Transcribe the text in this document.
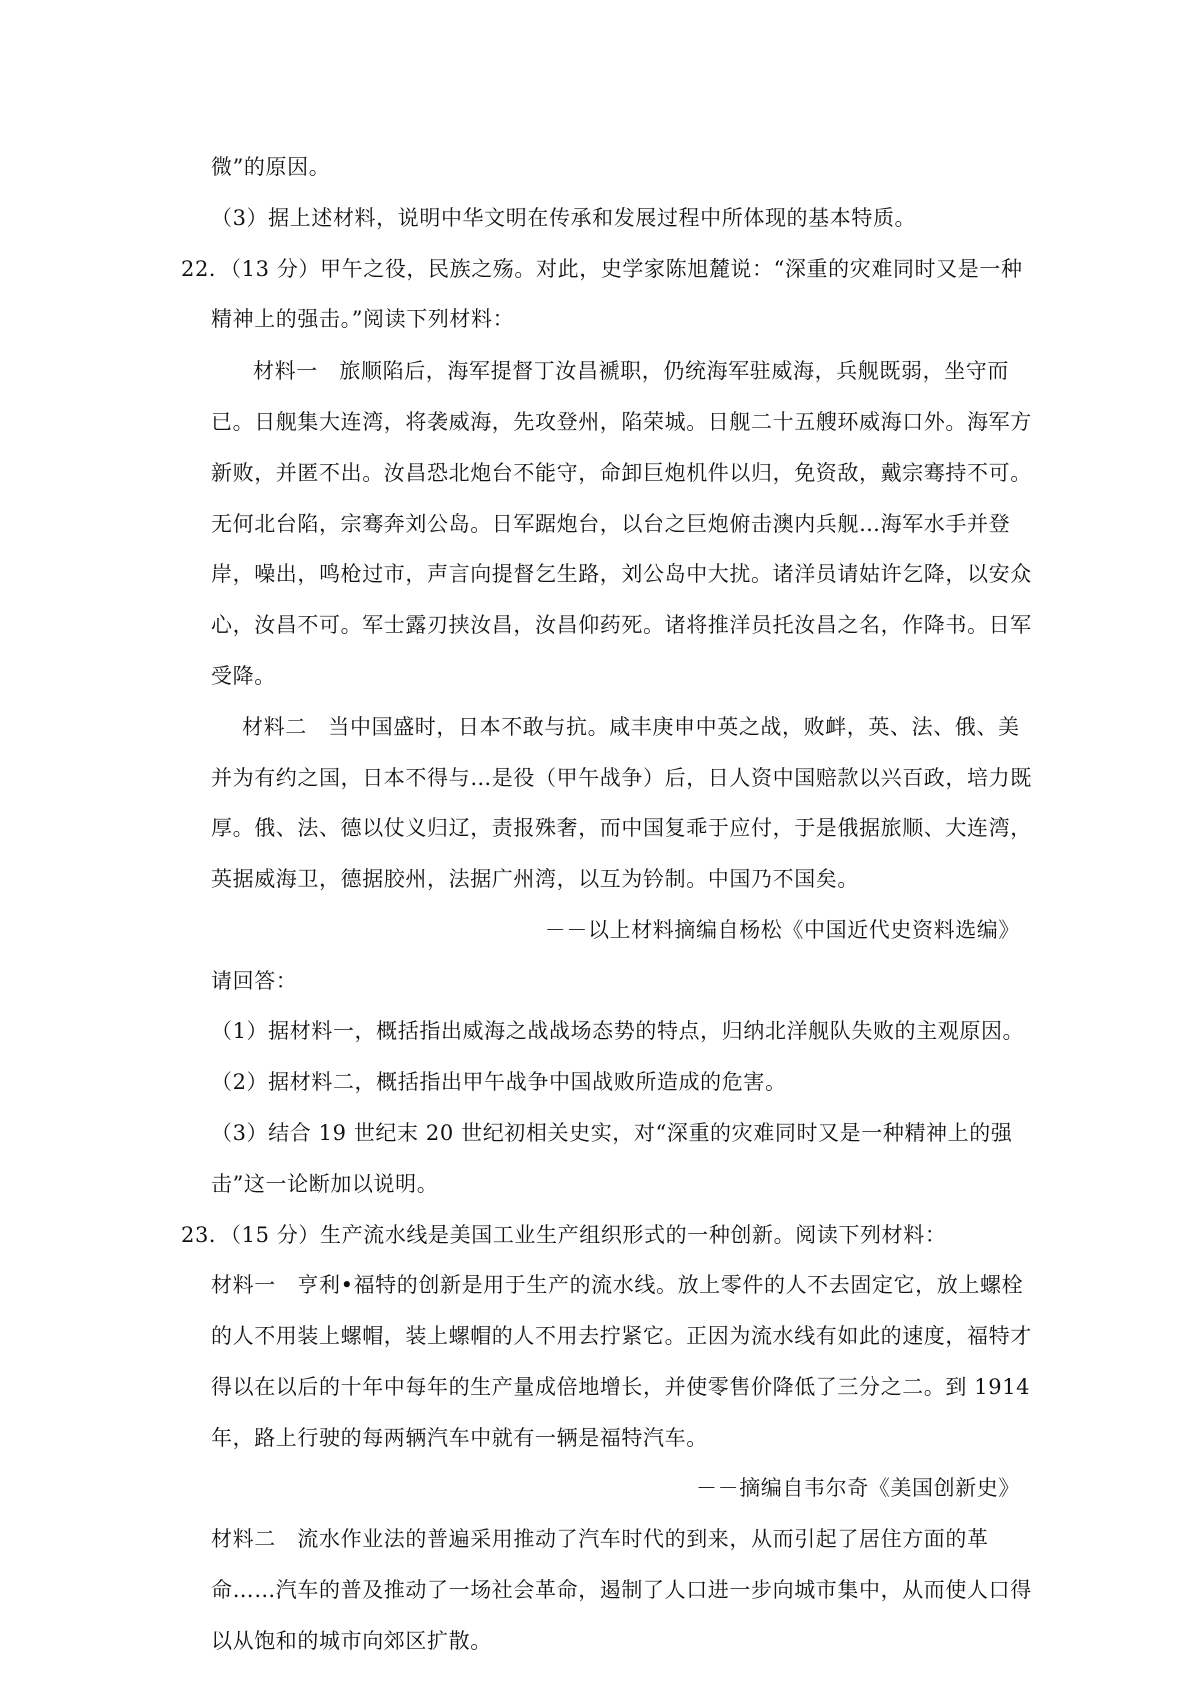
微”的原因。
（3）据上述材料，说明中华文明在传承和发展过程中所体现的基本特质。
22．（13 分）甲午之役，民族之殇。对此，史学家陈旭麓说：“深重的灾难同时又是一种
精神上的强击。”阅读下列材料：
材料一　旅顺陷后，海军提督丁汝昌褫职，仍统海军驻威海，兵舰既弱，坐守而
已。日舰集大连湾，将袭威海，先攻登州，陷荣城。日舰二十五艘环威海口外。海军方
新败，并匿不出。汝昌恐北炮台不能守，命卸巨炮机件以归，免资敌，戴宗骞持不可。
无何北台陷，宗骞奔刘公岛。日军踞炮台，以台之巨炮俯击澳内兵舰…海军水手并登
岸，噪出，鸣枪过市，声言向提督乞生路，刘公岛中大扰。诸洋员请姑许乞降，以安众
心，汝昌不可。军士露刃挟汝昌，汝昌仰药死。诸将推洋员托汝昌之名，作降书。日军
受降。
材料二　当中国盛时，日本不敢与抗。咸丰庚申中英之战，败衅，英、法、俄、美
并为有约之国，日本不得与…是役（甲午战争）后，日人资中国赔款以兴百政，培力既
厚。俄、法、德以仗义归辽，责报殊奢，而中国复乖于应付，于是俄据旅顺、大连湾，
英据威海卫，德据胶州，法据广州湾，以互为钤制。中国乃不国矣。
－－以上材料摘编自杨松《中国近代史资料选编》
请回答：
（1）据材料一，概括指出威海之战战场态势的特点，归纳北洋舰队失败的主观原因。
（2）据材料二，概括指出甲午战争中国战败所造成的危害。
（3）结合 19 世纪末 20 世纪初相关史实，对“深重的灾难同时又是一种精神上的强
击”这一论断加以说明。
23．（15 分）生产流水线是美国工业生产组织形式的一种创新。阅读下列材料：
材料一　亨利•福特的创新是用于生产的流水线。放上零件的人不去固定它，放上螺栓
的人不用装上螺帽，装上螺帽的人不用去拧紧它。正因为流水线有如此的速度，福特才
得以在以后的十年中每年的生产量成倍地增长，并使零售价降低了三分之二。到 1914
年，路上行驶的每两辆汽车中就有一辆是福特汽车。
－－摘编自韦尔奇《美国创新史》
材料二　流水作业法的普遍采用推动了汽车时代的到来，从而引起了居住方面的革
命……汽车的普及推动了一场社会革命，遏制了人口进一步向城市集中，从而使人口得
以从饱和的城市向郊区扩散。
